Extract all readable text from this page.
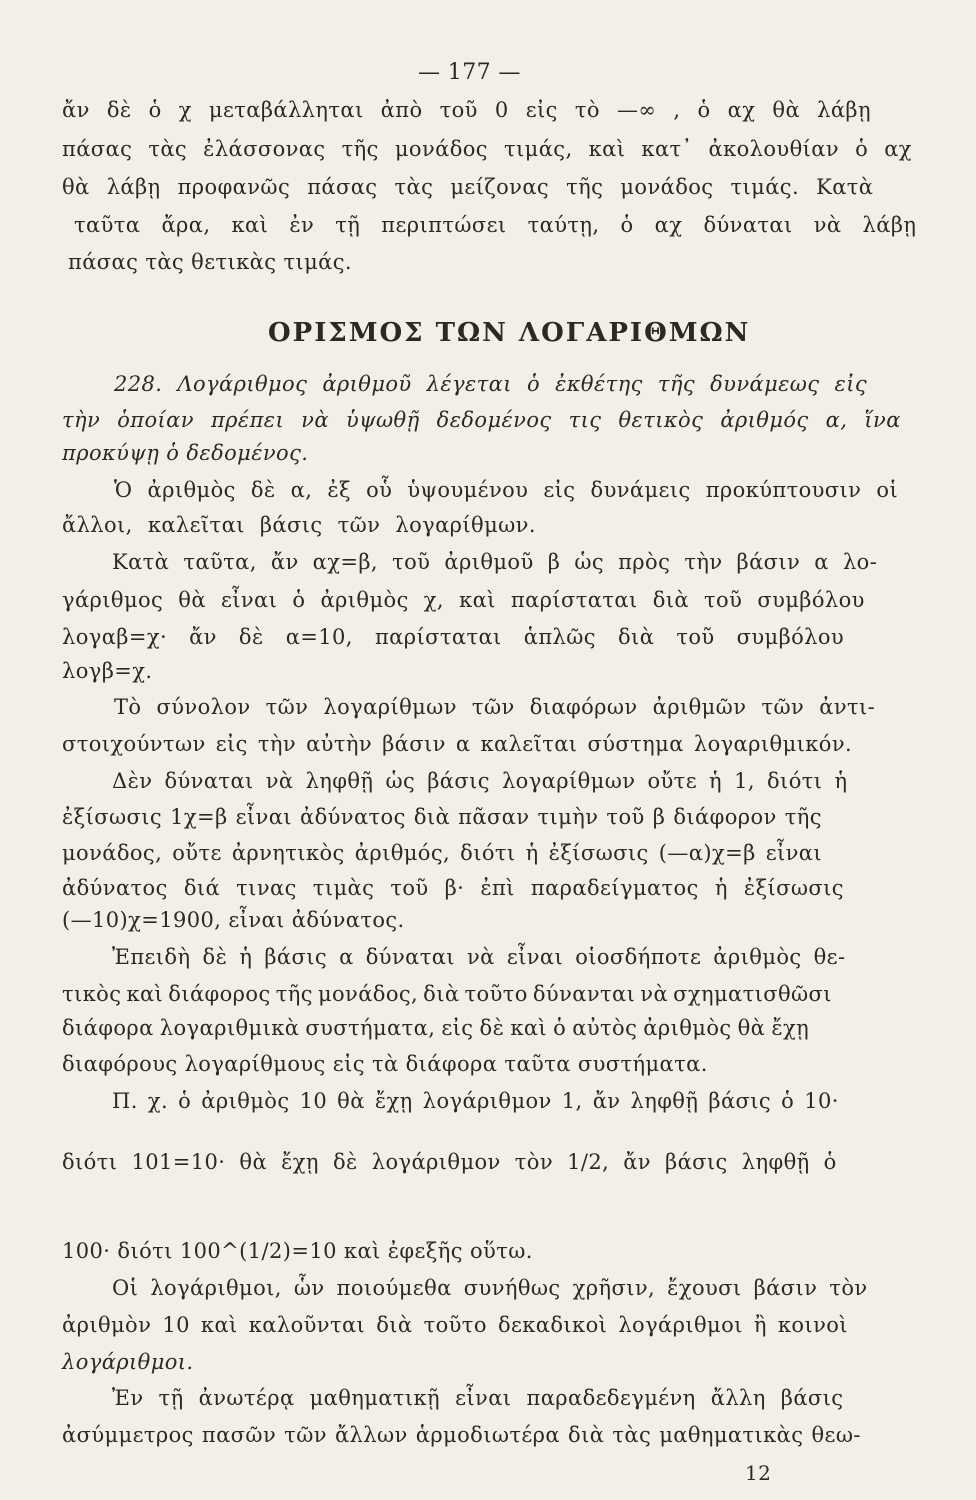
— 177 —
ἄν δὲ ὁ χ μεταβάλληται ἀπὸ τοῦ 0 εἰς τὸ —∞ , ὁ αχ θὰ λάβῃ
πάσας τὰς ἐλάσσονας τῆς μονάδος τιμάς, καὶ κατ᾽ ἀκολουθίαν ὁ αχ
θὰ λάβῃ προφανῶς πάσας τὰς μείζονας τῆς μονάδος τιμάς. Κατὰ
ταῦτα ἄρα, καὶ ἐν τῇ περιπτώσει ταύτῃ, ὁ αχ δύναται νὰ λάβῃ
πάσας τὰς θετικὰς τιμάς.
ΟΡΙΣΜΟΣ ΤΩΝ ΛΟΓΑΡΙΘΜΩΝ
228. Λογάριθμος ἀριθμοῦ λέγεται ὁ ἐκθέτης τῆς δυνάμεως εἰς
τὴν ὁποίαν πρέπει νὰ ὑψωθῇ δεδομένος τις θετικὸς ἀριθμός α, ἵνα
προκύψῃ ὁ δεδομένος.
Ὁ ἀριθμὸς δὲ α, ἐξ οὗ ὑψουμένου εἰς δυνάμεις προκύπτουσιν οἱ
ἄλλοι, καλεῖται βάσις τῶν λογαρίθμων.
Κατὰ ταῦτα, ἄν αχ=β, τοῦ ἀριθμοῦ β ὡς πρὸς τὴν βάσιν α λο-
γάριθμος θὰ εἶναι ὁ ἀριθμὸς χ, καὶ παρίσταται διὰ τοῦ συμβόλου
λογαβ=χ· ἄν δὲ α=10, παρίσταται ἁπλῶς διὰ τοῦ συμβόλου
λογβ=χ.
Τὸ σύνολον τῶν λογαρίθμων τῶν διαφόρων ἀριθμῶν τῶν ἀντι-
στοιχούντων εἰς τὴν αὐτὴν βάσιν α καλεῖται σύστημα λογαριθμικόν.
Δὲν δύναται νὰ ληφθῇ ὡς βάσις λογαρίθμων οὔτε ἡ 1, διότι ἡ
ἐξίσωσις 1χ=β εἶναι ἀδύνατος διὰ πᾶσαν τιμὴν τοῦ β διάφορον τῆς
μονάδος, οὔτε ἀρνητικὸς ἀριθμός, διότι ἡ ἐξίσωσις (—α)χ=β εἶναι
ἀδύνατος διά τινας τιμὰς τοῦ β· ἐπὶ παραδείγματος ἡ ἐξίσωσις
(—10)χ=1900, εἶναι ἀδύνατος.
Ἐπειδὴ δὲ ἡ βάσις α δύναται νὰ εἶναι οἱοσδήποτε ἀριθμὸς θε-
τικὸς καὶ διάφορος τῆς μονάδος, διὰ τοῦτο δύνανται νὰ σχηματισθῶσι
διάφορα λογαριθμικὰ συστήματα, εἰς δὲ καὶ ὁ αὐτὸς ἀριθμὸς θὰ ἔχῃ
διαφόρους λογαρίθμους εἰς τὰ διάφορα ταῦτα συστήματα.
Π. χ. ὁ ἀριθμὸς 10 θὰ ἔχῃ λογάριθμον 1, ἄν ληφθῇ βάσις ὁ 10·
διότι 101=10· θὰ ἔχῃ δὲ λογάριθμον τὸν 1/2, ἄν βάσις ληφθῇ ὁ
100· διότι 100^(1/2)=10 καὶ ἐφεξῆς οὕτω.
Οἱ λογάριθμοι, ὧν ποιούμεθα συνήθως χρῆσιν, ἔχουσι βάσιν τὸν
ἀριθμὸν 10 καὶ καλοῦνται διὰ τοῦτο δεκαδικοὶ λογάριθμοι ἢ κοινοὶ
λογάριθμοι.
Ἐν τῇ ἀνωτέρᾳ μαθηματικῇ εἶναι παραδεδεγμένη ἄλλη βάσις
ἀσύμμετρος πασῶν τῶν ἄλλων ἁρμοδιωτέρα διὰ τὰς μαθηματικὰς θεω-
12
